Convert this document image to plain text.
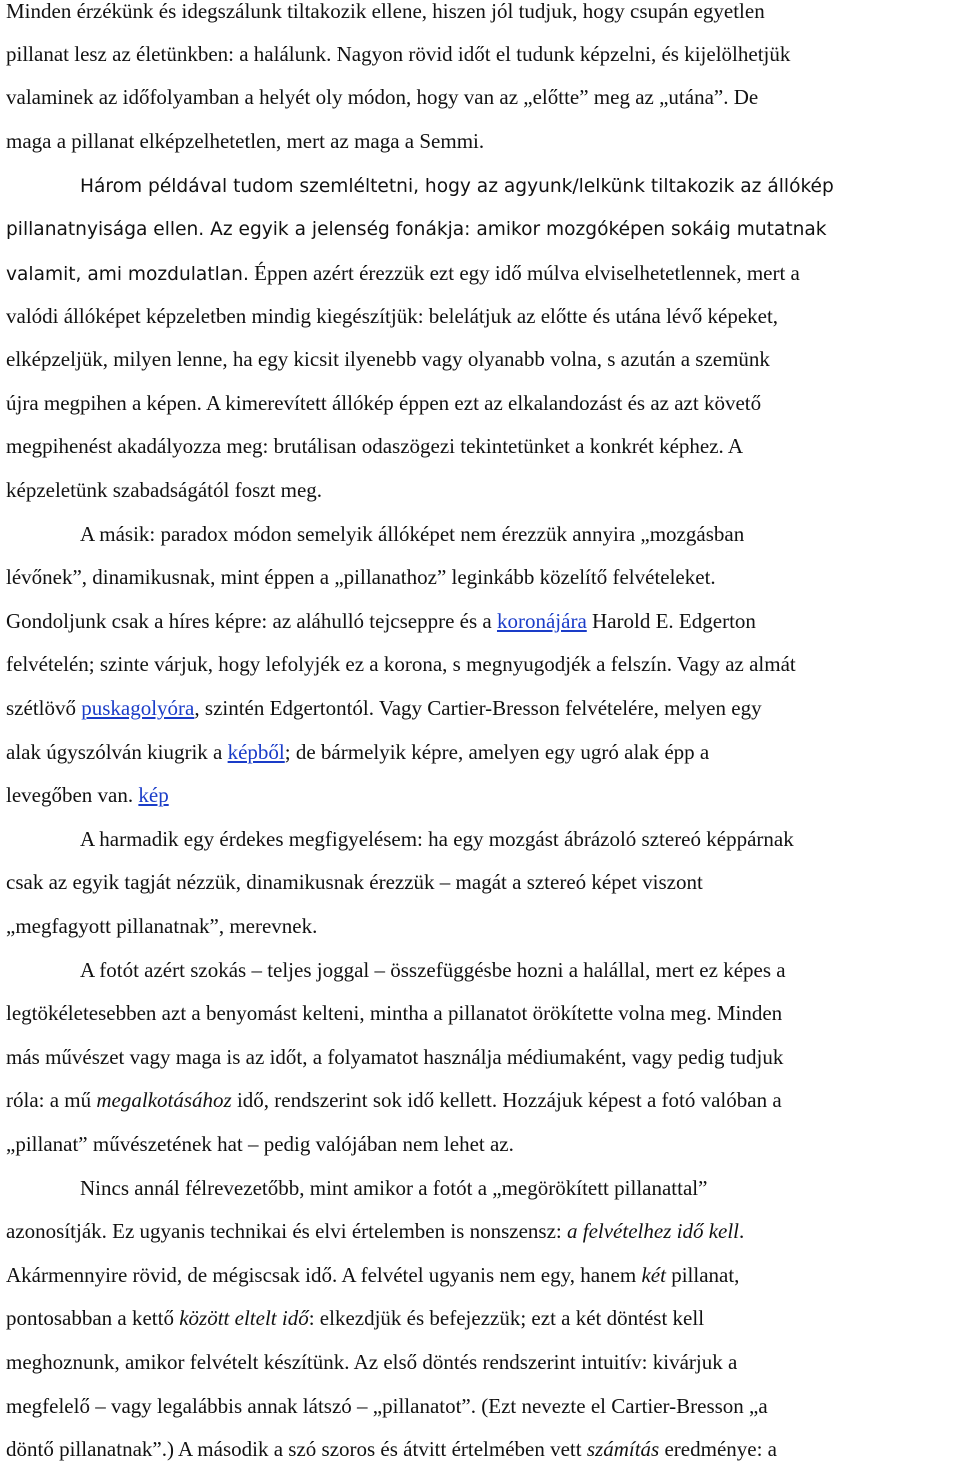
Minden érzékünk és idegszálunk tiltakozik ellene, hiszen jól tudjuk, hogy csupán egyetlen
pillanat lesz az életünkben: a halálunk. Nagyon rövid időt el tudunk képzelni, és kijelölhetjük
valaminek az időfolyamban a helyét oly módon, hogy van az „előtte” meg az „utána”. De
maga a pillanat elképzelhetetlen, mert az maga a Semmi.
Három példával tudom szemléltetni, hogy az agyunk/lelkünk tiltakozik az állókép
pillanatnyisága ellen. Az egyik a jelenség fonákja: amikor mozgóképen sokáig mutatnak
valamit, ami mozdulatlan. Éppen azért érezzük ezt egy idő múlva elviselhetetlennek, mert a
valódi állóképet képzeletben mindig kiegészítjük: belelátjuk az előtte és utána lévő képeket,
elképzeljük, milyen lenne, ha egy kicsit ilyenebb vagy olyanabb volna, s azután a szemünk
újra megpihen a képen. A kimerevített állókép éppen ezt az elkalandozást és az azt követő
megpihenést akadályozza meg: brutálisan odaszögezi tekintetünket a konkrét képhez. A
képzeletünk szabadságától foszt meg.
A másik: paradox módon semelyik állóképet nem érezzük annyira „mozgásban
lévőnek”, dinamikusnak, mint éppen a „pillanathoz” leginkább közelítő felvételeket.
Gondoljunk csak a híres képre: az aláhulló tejcseppre és a koronájára Harold E. Edgerton
felvételén; szinte várjuk, hogy lefolyjék ez a korona, s megnyugodjék a felszín. Vagy az almát
szétlövő puskagolyóra, szintén Edgertontól. Vagy Cartier-Bresson felvételére, melyen egy
alak úgyszólván kiugrik a képből; de bármelyik képre, amelyen egy ugró alak épp a
levegőben van. kép
A harmadik egy érdekes megfigyelésem: ha egy mozgást ábrázoló sztereó képpárnak
csak az egyik tagját nézzük, dinamikusnak érezzük – magát a sztereó képet viszont
„megfagyott pillanatnak”, merevnek.
A fotót azért szokás – teljes joggal – összefüggésbe hozni a halállal, mert ez képes a
legtökéletesebben azt a benyomást kelteni, mintha a pillanatot örökítette volna meg. Minden
más művészet vagy maga is az időt, a folyamatot használja médiumaként, vagy pedig tudjuk
róla: a mű megalkotásához idő, rendszerint sok idő kellett. Hozzájuk képest a fotó valóban a
„pillanat” művészetének hat – pedig valójában nem lehet az.
Nincs annál félrevezetőbb, mint amikor a fotót a „megörökített pillanattal”
azonosítják. Ez ugyanis technikai és elvi értelemben is nonszensz: a felvételhez idő kell.
Akármennyire rövid, de mégiscsak idő. A felvétel ugyanis nem egy, hanem két pillanat,
pontosabban a kettő között eltelt idő: elkezdjük és befejezzük; ezt a két döntést kell
meghoznunk, amikor felvételt készítünk. Az első döntés rendszerint intuitív: kivárjuk a
megfelelő – vagy legalábbis annak látszó – „pillanatot”. (Ezt nevezte el Cartier-Bresson „a
döntő pillanatnak”.) A második a szó szoros és átvitt értelmében vett számítás eredménye: a
